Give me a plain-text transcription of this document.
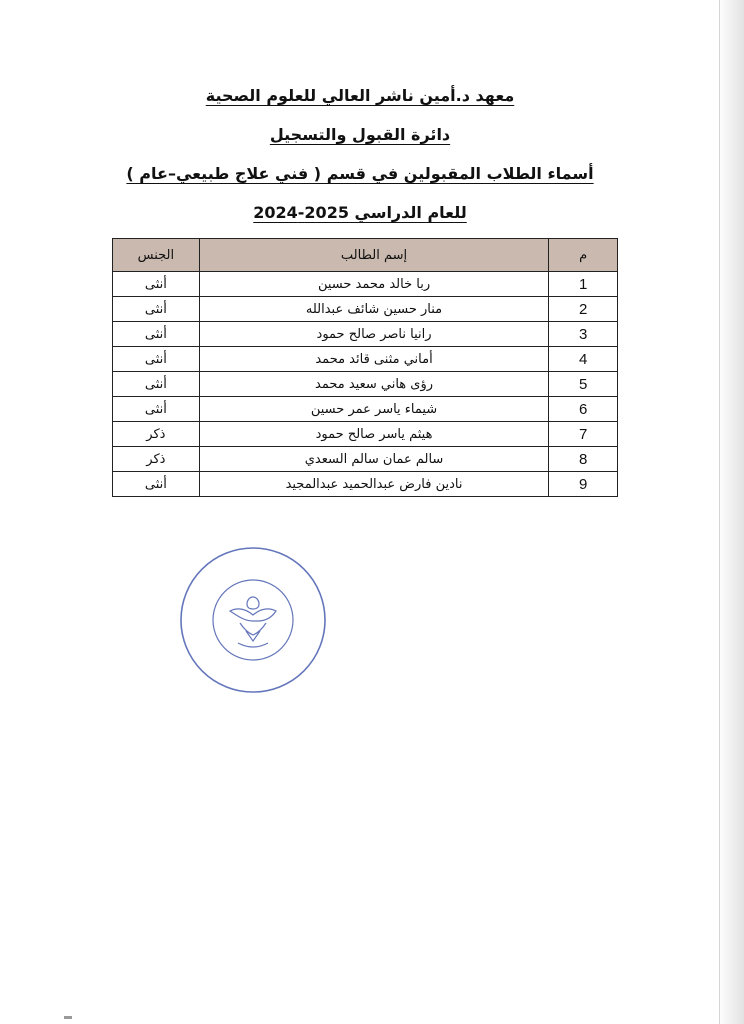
معهد د.أمين ناشر العالي للعلوم الصحية
دائرة القبول والتسجيل
أسماء الطلاب المقبولين في قسم ( فني علاج طبيعي–عام )
للعام الدراسي 2025-2024
م	إسم الطالب	الجنس
1	ربا خالد محمد حسين	أنثى
2	منار حسين شائف عبدالله	أنثى
3	رانيا ناصر صالح حمود	أنثى
4	أماني مثنى قائد محمد	أنثى
5	رؤى هاني سعيد محمد	أنثى
6	شيماء ياسر عمر حسين	أنثى
7	هيثم ياسر صالح حمود	ذكر
8	سالم عمان سالم السعدي	ذكر
9	نادين فارض عبدالحميد عبدالمجيد	أنثى
